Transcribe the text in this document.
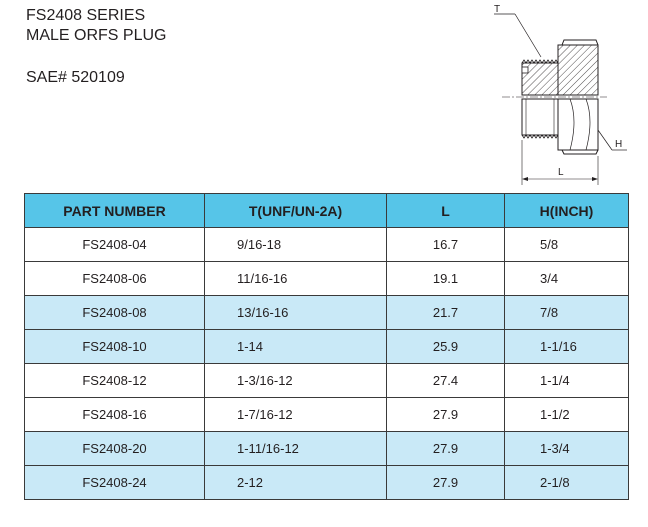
FS2408 SERIES
MALE ORFS PLUG
SAE# 520109
T
H
L
PART NUMBER	T(UNF/UN-2A)	L	H(INCH)
FS2408-04	9/16-18	16.7	5/8
FS2408-06	11/16-16	19.1	3/4
FS2408-08	13/16-16	21.7	7/8
FS2408-10	1-14	25.9	1-1/16
FS2408-12	1-3/16-12	27.4	1-1/4
FS2408-16	1-7/16-12	27.9	1-1/2
FS2408-20	1-11/16-12	27.9	1-3/4
FS2408-24	2-12	27.9	2-1/8
